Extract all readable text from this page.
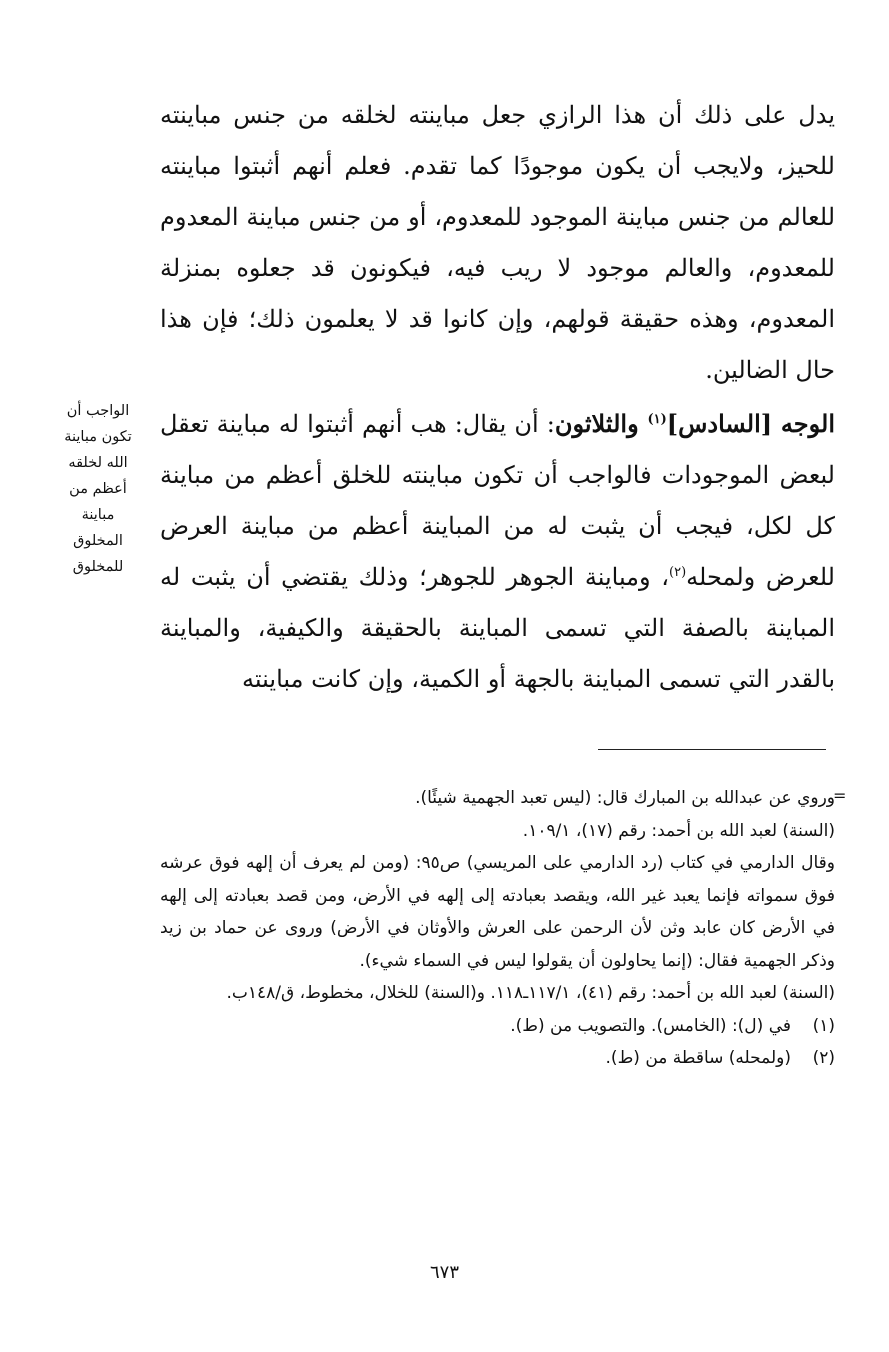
يدل على ذلك أن هذا الرازي جعل مباينته لخلقه من جنس مباينته للحيز، ولايجب أن يكون موجودًا كما تقدم. فعلم أنهم أثبتوا مباينته للعالم من جنس مباينة الموجود للمعدوم، أو من جنس مباينة المعدوم للمعدوم، والعالم موجود لا ريب فيه، فيكونون قد جعلوه بمنزلة المعدوم، وهذه حقيقة قولهم، وإن كانوا قد لا يعلمون ذلك؛ فإن هذا حال الضالين.

الوجه [السادس]$^{(١)}$ والثلاثون: أن يقال: هب أنهم أثبتوا له مباينة تعقل لبعض الموجودات فالواجب أن تكون مباينته للخلق أعظم من مباينة كل لكل، فيجب أن يثبت له من المباينة أعظم من مباينة العرض للعرض ولمحله$^{(٢)}$، ومباينة الجوهر للجوهر؛ وذلك يقتضي أن يثبت له المباينة بالصفة التي تسمى المباينة بالحقيقة والكيفية، والمباينة بالقدر التي تسمى المباينة بالجهة أو الكمية، وإن كانت مباينته

الواجب أن
تكون مباينة
الله لخلقه
أعظم من
مباينة
المخلوق
للمخلوق
=

وروي عن عبدالله بن المبارك قال: (ليس تعبد الجهمية شيئًا).

(السنة) لعبد الله بن أحمد: رقم (١٧)، ١٠٩/١.

وقال الدارمي في كتاب (رد الدارمي على المريسي) ص٩٥: (ومن لم يعرف أن إلهه فوق عرشه فوق سمواته فإنما يعبد غير الله، ويقصد بعبادته إلى إلهه في الأرض، ومن قصد بعبادته إلى إلهه في الأرض كان عابد وثن لأن الرحمن على العرش والأوثان في الأرض) وروى عن حماد بن زيد وذكر الجهمية فقال: (إنما يحاولون أن يقولوا ليس في السماء شيء).

(السنة) لعبد الله بن أحمد: رقم (٤١)، ١١٧/١ـ١١٨. و(السنة) للخلال، مخطوط، ق/١٤٨ب.

(١)
في (ل): (الخامس). والتصويب من (ط).
(٢)
(ولمحله) ساقطة من (ط).
٦٧٣
